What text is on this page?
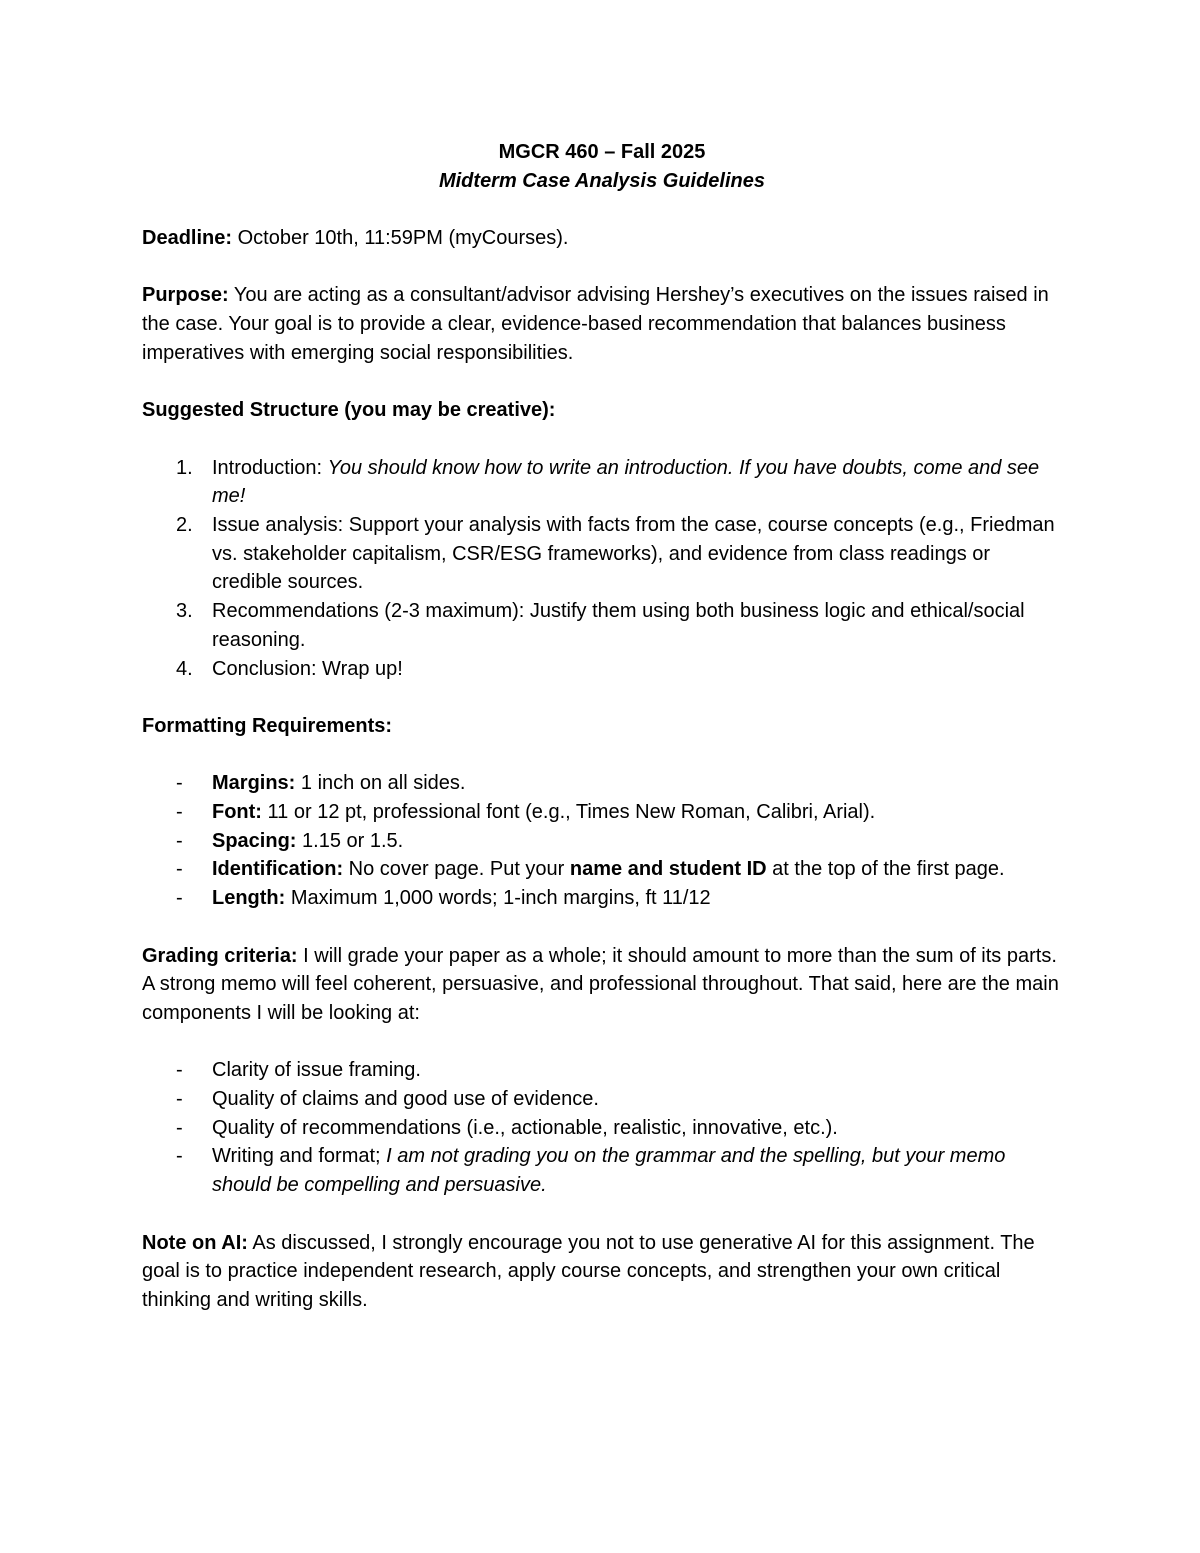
MGCR 460 – Fall 2025

Midterm Case Analysis Guidelines

Deadline: October 10th, 11:59PM (myCourses).

Purpose: You are acting as a consultant/advisor advising Hershey’s executives on the issues raised in the case. Your goal is to provide a clear, evidence-based recommendation that balances business imperatives with emerging social responsibilities.

Suggested Structure (you may be creative):

1. Introduction: You should know how to write an introduction. If you have doubts, come and see me!
2. Issue analysis: Support your analysis with facts from the case, course concepts (e.g., Friedman vs. stakeholder capitalism, CSR/ESG frameworks), and evidence from class readings or credible sources.
3. Recommendations (2-3 maximum): Justify them using both business logic and ethical/social reasoning.
4. Conclusion: Wrap up!

Formatting Requirements:

- Margins: 1 inch on all sides.
- Font: 11 or 12 pt, professional font (e.g., Times New Roman, Calibri, Arial).
- Spacing: 1.15 or 1.5.
- Identification: No cover page. Put your name and student ID at the top of the first page.
- Length: Maximum 1,000 words; 1-inch margins, ft 11/12

Grading criteria: I will grade your paper as a whole; it should amount to more than the sum of its parts. A strong memo will feel coherent, persuasive, and professional throughout. That said, here are the main components I will be looking at:

- Clarity of issue framing.
- Quality of claims and good use of evidence.
- Quality of recommendations (i.e., actionable, realistic, innovative, etc.).
- Writing and format; I am not grading you on the grammar and the spelling, but your memo should be compelling and persuasive.

Note on AI: As discussed, I strongly encourage you not to use generative AI for this assignment. The goal is to practice independent research, apply course concepts, and strengthen your own critical thinking and writing skills.
